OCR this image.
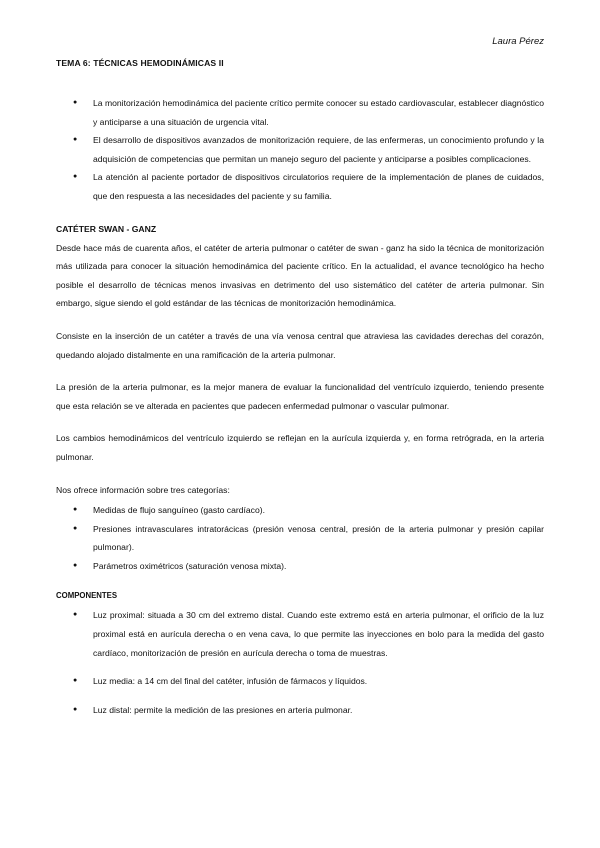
Laura Pérez
TEMA 6: TÉCNICAS HEMODINÁMICAS II
● La monitorización hemodinámica del paciente crítico permite conocer su estado cardiovascular, establecer diagnóstico y anticiparse a una situación de urgencia vital.
● El desarrollo de dispositivos avanzados de monitorización requiere, de las enfermeras, un conocimiento profundo y la adquisición de competencias que permitan un manejo seguro del paciente y anticiparse a posibles complicaciones.
● La atención al paciente portador de dispositivos circulatorios requiere de la implementación de planes de cuidados, que den respuesta a las necesidades del paciente y su familia.
CATÉTER SWAN - GANZ

Desde hace más de cuarenta años, el catéter de arteria pulmonar o catéter de swan - ganz ha sido la técnica de monitorización más utilizada para conocer la situación hemodinámica del paciente crítico. En la actualidad, el avance tecnológico ha hecho posible el desarrollo de técnicas menos invasivas en detrimento del uso sistemático del catéter de arteria pulmonar. Sin embargo, sigue siendo el gold estándar de las técnicas de monitorización hemodinámica.

Consiste en la inserción de un catéter a través de una vía venosa central que atraviesa las cavidades derechas del corazón, quedando alojado distalmente en una ramificación de la arteria pulmonar.

La presión de la arteria pulmonar, es la mejor manera de evaluar la funcionalidad del ventrículo izquierdo, teniendo presente que esta relación se ve alterada en pacientes que padecen enfermedad pulmonar o vascular pulmonar.

Los cambios hemodinámicos del ventrículo izquierdo se reflejan en la aurícula izquierda y, en forma retrógrada, en la arteria pulmonar.

Nos ofrece información sobre tres categorías:

● Medidas de flujo sanguíneo (gasto cardíaco).
● Presiones intravasculares intratorácicas (presión venosa central, presión de la arteria pulmonar y presión capilar pulmonar).
● Parámetros oximétricos (saturación venosa mixta).
COMPONENTES
● Luz proximal: situada a 30 cm del extremo distal. Cuando este extremo está en arteria pulmonar, el orificio de la luz proximal está en aurícula derecha o en vena cava, lo que permite las inyecciones en bolo para la medida del gasto cardíaco, monitorización de presión en aurícula derecha o toma de muestras.
● Luz media: a 14 cm del final del catéter, infusión de fármacos y líquidos.
● Luz distal: permite la medición de las presiones en arteria pulmonar.
